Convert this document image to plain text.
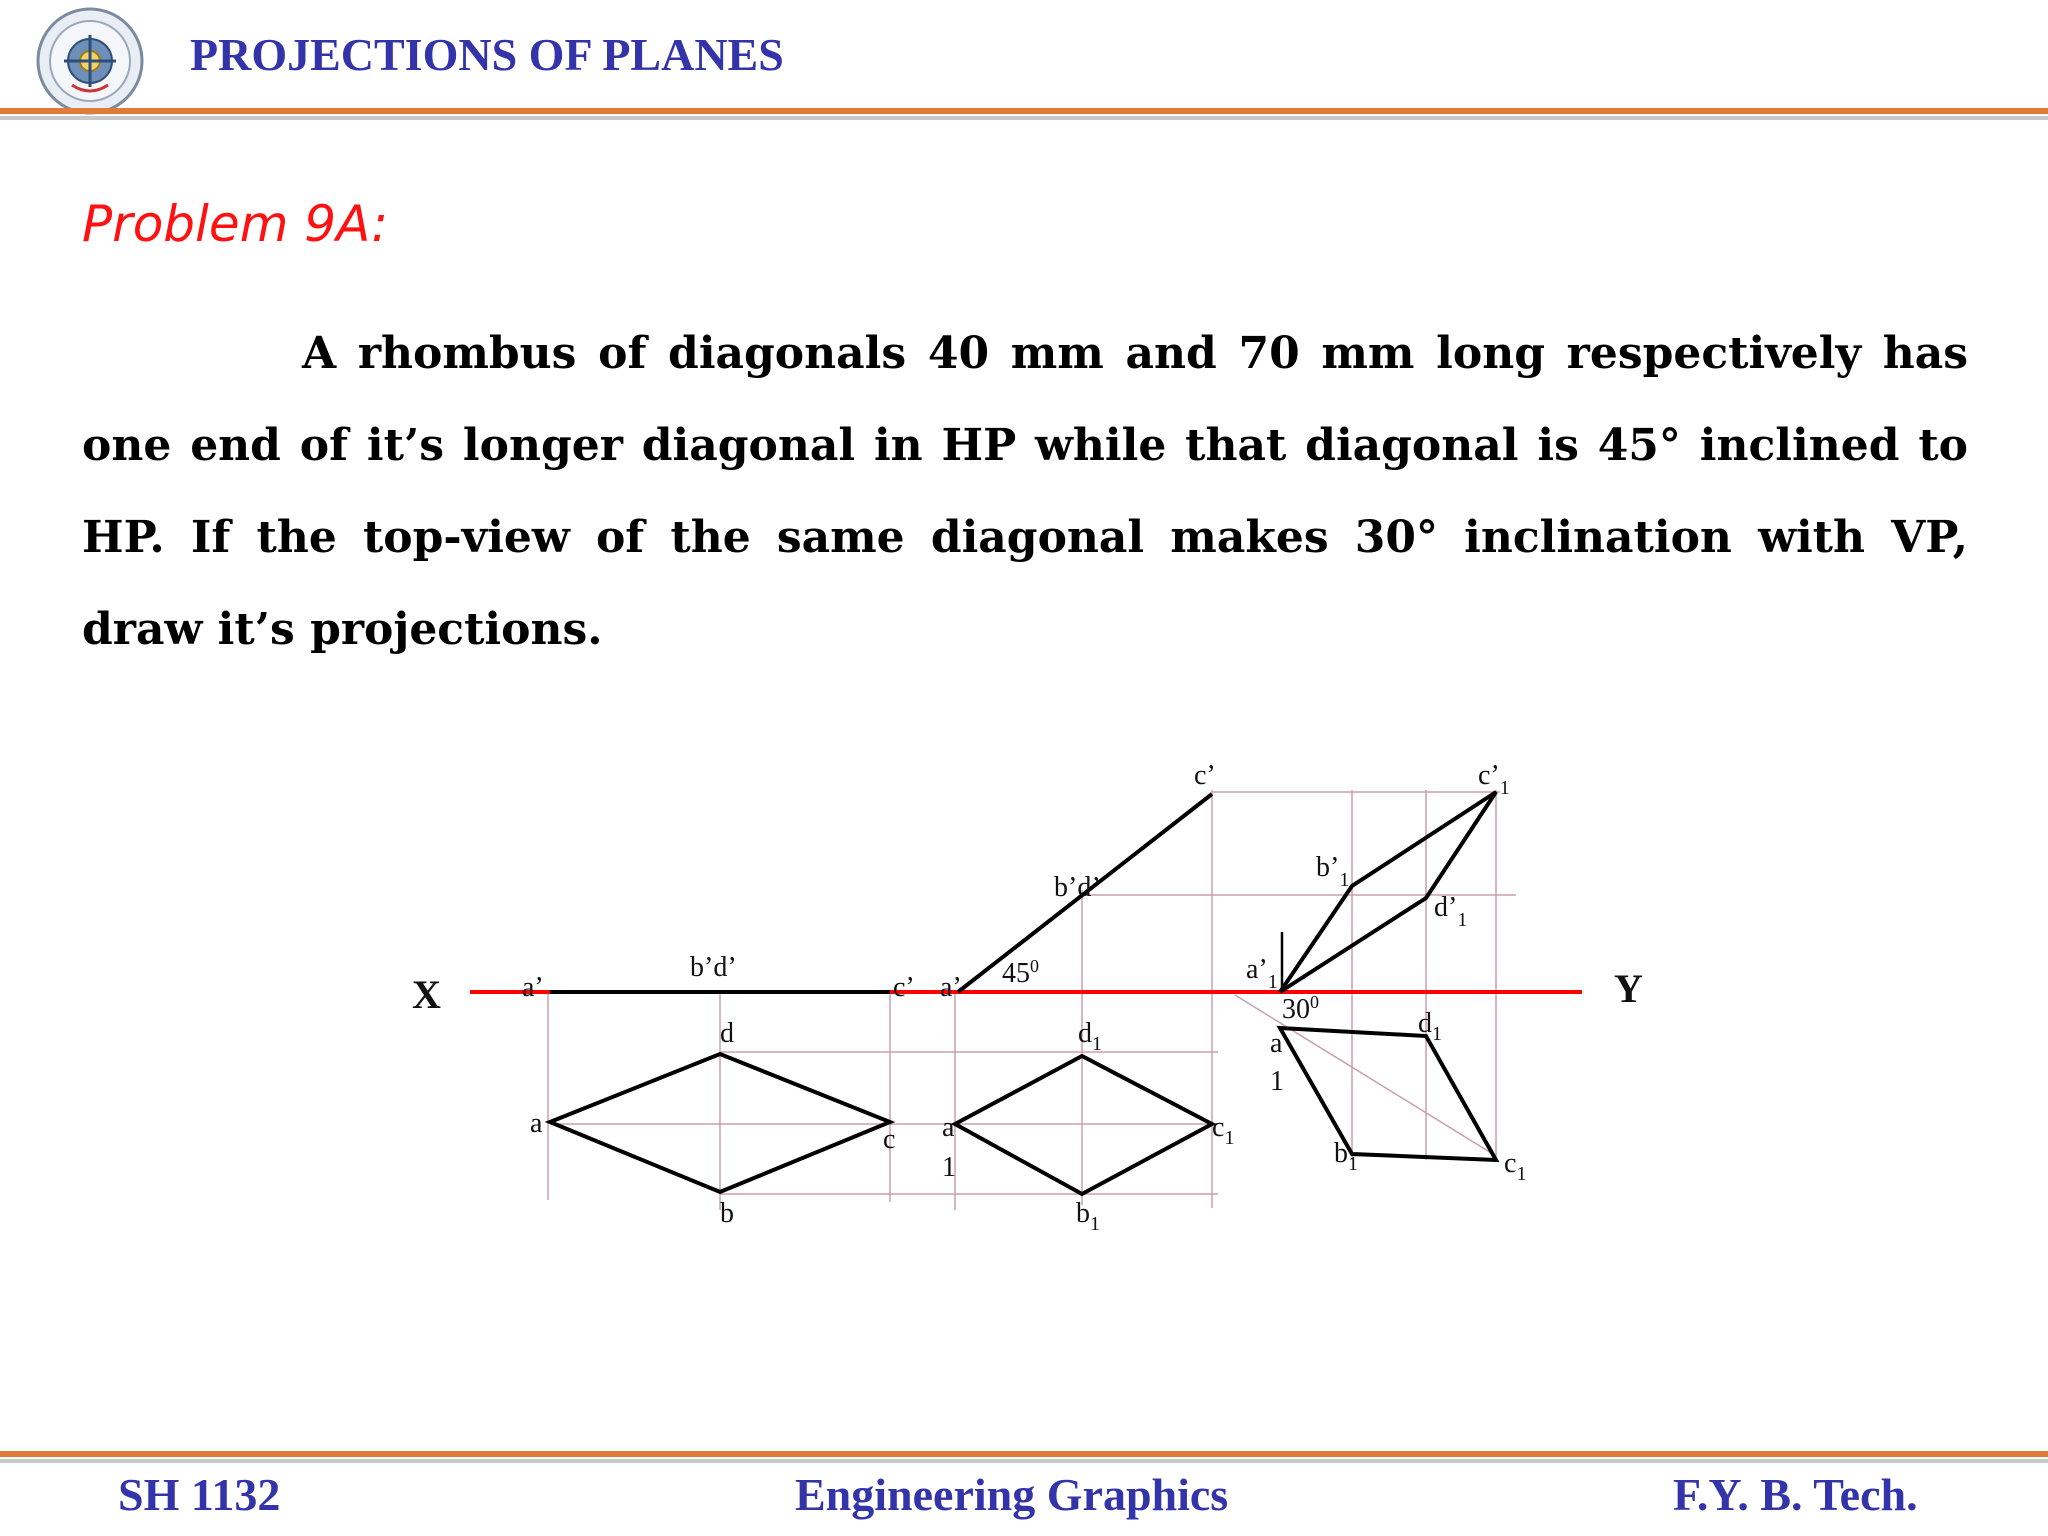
PROJECTIONS OF PLANES
Problem 9A:
A rhombus of diagonals 40 mm and 70 mm long respectively has one end of it’s longer diagonal in HP while that diagonal is 45° inclined to HP. If the top-view of the same diagonal makes 30° inclination with VP, draw it’s projections.
X	Y
a’
b’d’
c’ a’ $45^0$
b’d’
c’
$a’_1$
$b’_1$
$d’_1$
$c’_1$
$30^0$
a
d
c
b
a
1
$d_1$
$c_1$
$b_1$
a
1
$d_1$
$b_1$	$c_1$
SH 1132	Engineering Graphics	F.Y. B. Tech.
